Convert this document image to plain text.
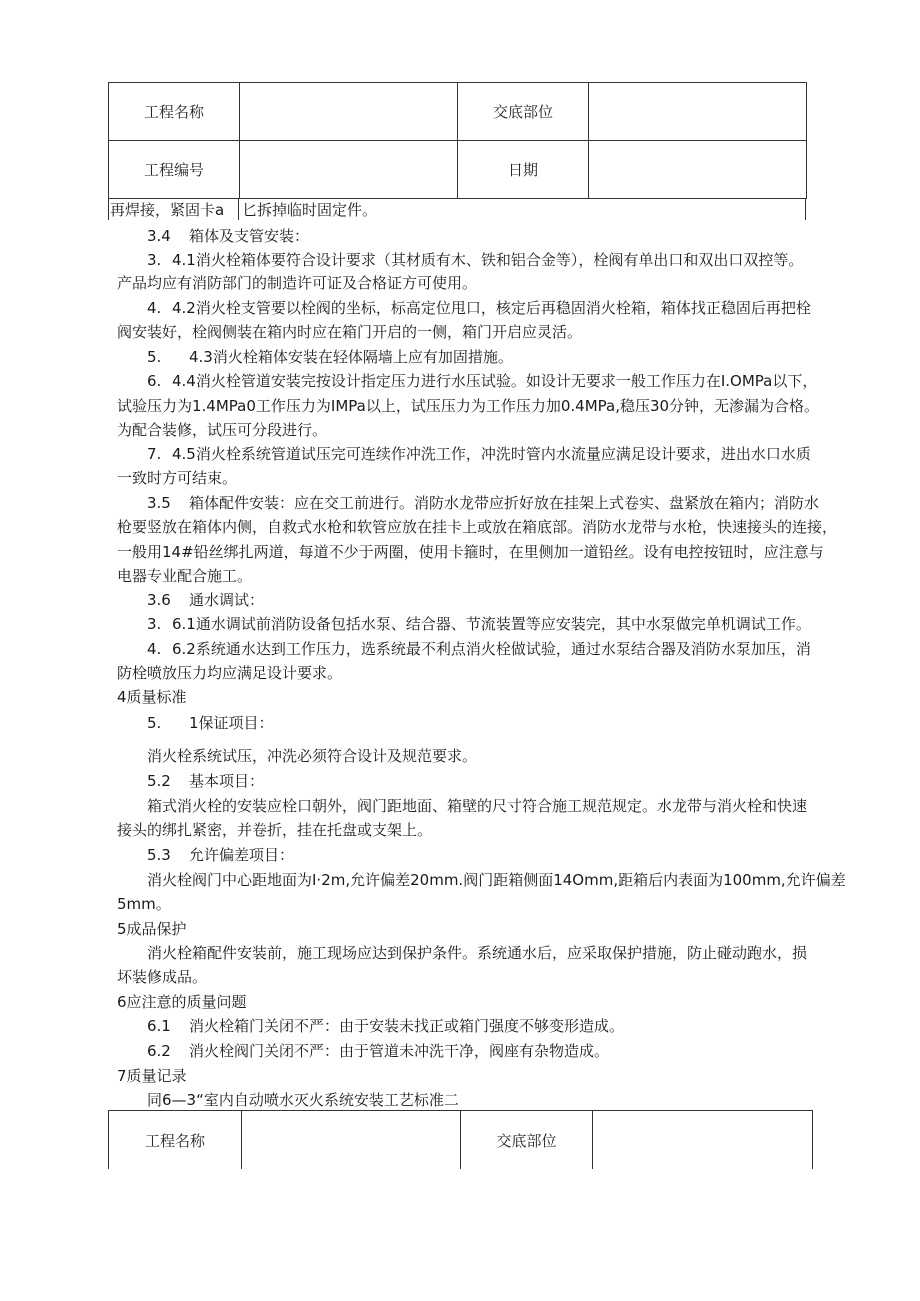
工程名称		交底部位	
工程编号		日期	
再焊接，紧固卡a 匕拆掉临时固定件。
3.4 箱体及支管安装：
3. 4.1消火栓箱体要符合设计要求（其材质有木、铁和铝合金等），栓阀有单出口和双出口双控等。
产品均应有消防部门的制造许可证及合格证方可使用。
4. 4.2消火栓支管要以栓阀的坐标，标高定位甩口，核定后再稳固消火栓箱，箱体找正稳固后再把栓
阀安装好，栓阀侧装在箱内时应在箱门开启的一侧，箱门开启应灵活。
5. 4.3消火栓箱体安装在轻体隔墙上应有加固措施。
6. 4.4消火栓管道安装完按设计指定压力进行水压试验。如设计无要求一般工作压力在I.OMPa以下，
试验压力为1.4MPa0工作压力为IMPa以上，试压压力为工作压力加0.4MPa,稳压30分钟，无渗漏为合格。
为配合装修，试压可分段进行。
7. 4.5消火栓系统管道试压完可连续作冲洗工作，冲洗时管内水流量应满足设计要求，进出水口水质
一致时方可结束。
3.5 箱体配件安装：应在交工前进行。消防水龙带应折好放在挂架上式卷实、盘紧放在箱内；消防水
枪要竖放在箱体内侧，自救式水枪和软管应放在挂卡上或放在箱底部。消防水龙带与水枪，快速接头的连接，
一般用14#铅丝绑扎两道，每道不少于两圈，使用卡箍时，在里侧加一道铅丝。设有电控按钮时，应注意与
电器专业配合施工。
3.6 通水调试：
3. 6.1通水调试前消防设备包括水泵、结合器、节流装置等应安装完，其中水泵做完单机调试工作。
4. 6.2系统通水达到工作压力，选系统最不利点消火栓做试验，通过水泵结合器及消防水泵加压，消
防栓喷放压力均应满足设计要求。
4质量标准
5. 1保证项目：
消火栓系统试压，冲洗必须符合设计及规范要求。
5.2 基本项目：
箱式消火栓的安装应栓口朝外，阀门距地面、箱壁的尺寸符合施工规范规定。水龙带与消火栓和快速
接头的绑扎紧密，并卷折，挂在托盘或支架上。
5.3 允许偏差项目：
消火栓阀门中心距地面为I·2m,允许偏差20mm.阀门距箱侧面14Omm,距箱后内表面为100mm,允许偏差
5mm。
5成品保护
消火栓箱配件安装前，施工现场应达到保护条件。系统通水后，应采取保护措施，防止碰动跑水，损
坏装修成品。
6应注意的质量问题
6.1 消火栓箱门关闭不严：由于安装未找正或箱门强度不够变形造成。
6.2 消火栓阀门关闭不严：由于管道未冲洗干净，阀座有杂物造成。
7质量记录
同6—3“室内自动喷水灭火系统安装工艺标准二
工程名称		交底部位	
